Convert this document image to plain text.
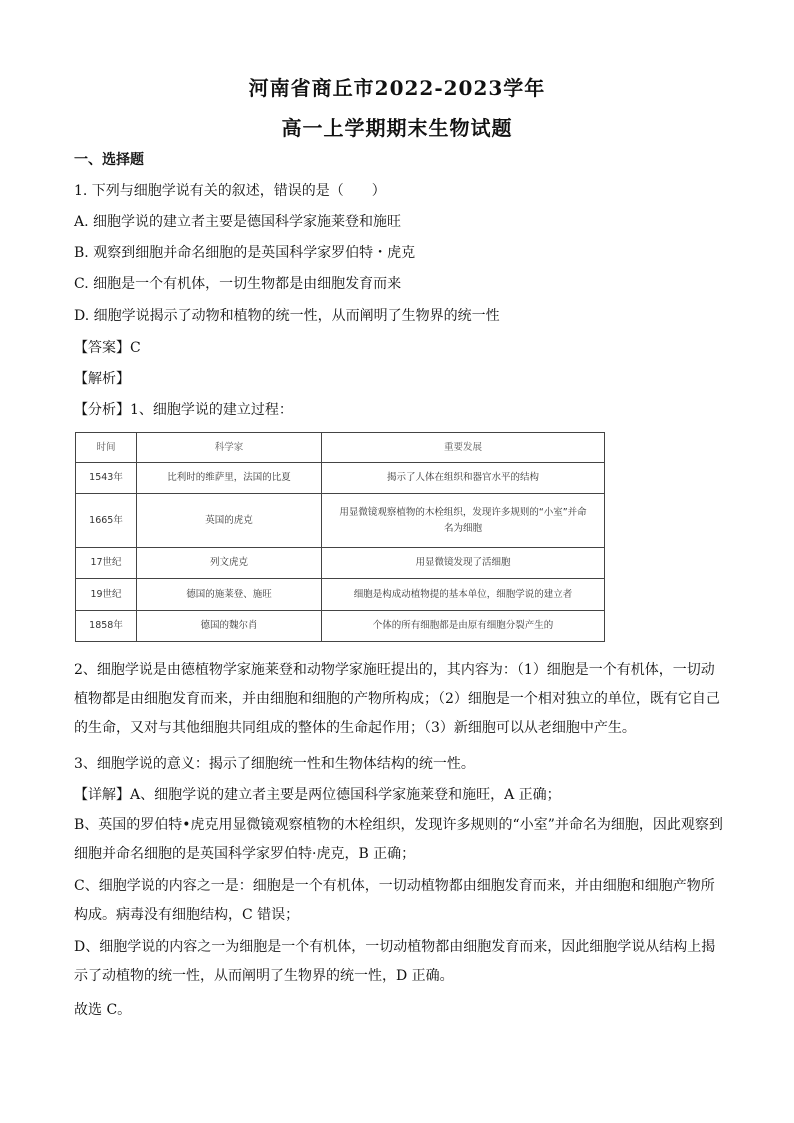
河南省商丘市2022-2023学年
高一上学期期末生物试题
一、选择题
1. 下列与细胞学说有关的叙述，错误的是（　　）
A. 细胞学说的建立者主要是德国科学家施莱登和施旺
B. 观察到细胞并命名细胞的是英国科学家罗伯特・虎克
C. 细胞是一个有机体，一切生物都是由细胞发育而来
D. 细胞学说揭示了动物和植物的统一性，从而阐明了生物界的统一性
【答案】C
【解析】
【分析】1、细胞学说的建立过程：
时间	科学家	重要发展
1543年	比利时的维萨里，法国的比夏	揭示了人体在组织和器官水平的结构
1665年	英国的虎克	用显微镜观察植物的木栓组织，发现许多规则的“小室”并命名为细胞
17世纪	列文虎克	用显微镜发现了活细胞
19世纪	德国的施莱登、施旺	细胞是构成动植物提的基本单位，细胞学说的建立者
1858年	德国的魏尔肖	个体的所有细胞都是由原有细胞分裂产生的
2、细胞学说是由德植物学家施莱登和动物学家施旺提出的，其内容为：（1）细胞是一个有机体，一切动植物都是由细胞发育而来，并由细胞和细胞的产物所构成；（2）细胞是一个相对独立的单位，既有它自己的生命，又对与其他细胞共同组成的整体的生命起作用；（3）新细胞可以从老细胞中产生。
3、细胞学说的意义：揭示了细胞统一性和生物体结构的统一性。
【详解】A、细胞学说的建立者主要是两位德国科学家施莱登和施旺，A 正确；
B、英国的罗伯特•虎克用显微镜观察植物的木栓组织，发现许多规则的“小室”并命名为细胞，因此观察到细胞并命名细胞的是英国科学家罗伯特·虎克，B 正确；
C、细胞学说的内容之一是：细胞是一个有机体，一切动植物都由细胞发育而来，并由细胞和细胞产物所构成。病毒没有细胞结构，C 错误；
D、细胞学说的内容之一为细胞是一个有机体，一切动植物都由细胞发育而来，因此细胞学说从结构上揭示了动植物的统一性，从而阐明了生物界的统一性，D 正确。
故选 C。
